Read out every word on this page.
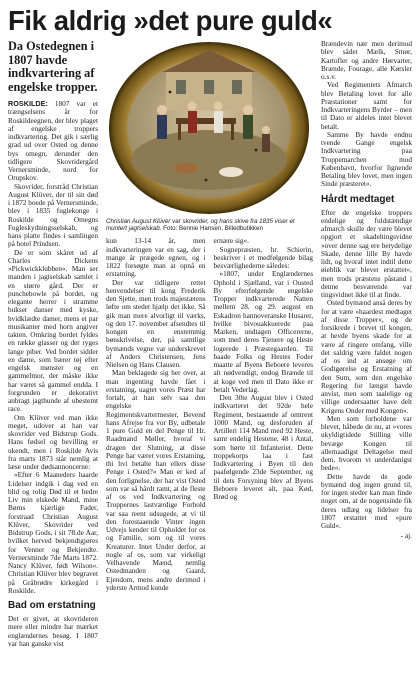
Fik aldrig »det pure guld«
Da Ostedegnen i 1807 havde indkvartering af engelske tropper.

ROSKILDE: 1807 var et trængselsens år for Roskildeegnen, der blev plaget af engelske troppers indkvartering. Det gik i særlig grad ud over Osted og denne bys omegn, derunder den tidligere Skovridergård Vernersminde, nord for Orupskov.

Skovrider, forstråd Christian August Klüver, der til sin død i 1872 boede på Vernersminde, blev i 1835 fuglekonge i Roskilde og Omegns Fugleskydningsselskab, og hans platte findes i samlingen på hotel Prindsen.

De er som skåret ud af Charles Dickens »Pickwickklubben«. Man ser manden i jagtselskab samlet i en større gård. Der er punchebowle på bordet, og elegante herrer i stramme bukser danser med kyske, hvidklædte damer, mens et par musikanter med horn angiver takten. Omkring bordet fyldes en række glasser og der ryges lange piber. Ved bordet sidder en dame, som bærer tøj efter engelsk mønster og en gammelmor, der måske ikke har været så gammel endda. I forgrunden er dekorativt anbragt jagthunde af ubestemt race.

Om Klüver ved man ikke meget, udover at han var skovrider ved Bidstrup Gods. Hans fødsel og bevilling er ukendt, men i Roskilde Avis fra marts 1873 står nemlig at læse under dødsannoncerne:

»Efter 6 Maaneders haarde Lidelser indgik i dag ved en blid og rolig Død til et bedre Liv min elskede Mand, mine Børns kjærlige Fader, forstraad Christian August Klüver, Skovrider ved Bidstrup Gods, i sit 78.de Aar, hvilket herved bekjendtgjøres for Venner og Bekjendte. Vernersminde 7de Marts 1872. Nancy Klüver, født Wilson«. Christian Klüver blev begravet på Gråbrødre kirkegård i Roskilde.

Bad om erstatning

Det er givet, at skovrideren mere eller mindre har mærket englændernes besøg. I 1807 var han ganske vist

Christian August Klüver var skovrider, og hans skive fra 1835 viser et muntert jagtselskab. Foto: Bennie Hansen, Billedbutikken

kun 13-14 år, men indkvarteringen var en sag, der i mange år prægede egnen, og i 1822 forsøgte man at opnå en erstatning.

Der var tidligere rettet henvendelser til kong Frederik den Sjette, men trods majestætens løfte om stedet hjælp det ikke. Så gik man mere alvorligt til værks, og den 17. november afsendtes til kongen en enstemmig bønskrivelse, der, på samtlige bymænds vegne var underskrevet af Anders Christensen, Jens Nielsen og Hans Clausen.

Man beklagede sig her over, at man ingenting havde fået i erstatning, uagtet vores Præst har fortalt, at han selv saa den engelske Regimentskvartermester, Bevend hans Afrejse fra vor By, udbetale 1 pure Guld en del Penge til Hr. Raadmand Møller, hvoraf vi dragen der Slutning, at disse Penge har været vores Erstatning, thi hvi betalte han ellers disse Penge i Osted?« Man er ked af den forlignelse, der har vist Osted som var så hårdt ramt, at de fleste af os ved Indkvartering og Troppernes lastværdige Forhold var saa reent udsugede, at vi til den forestaaende Vinter ingen Udvejs kender til Opholdet for os og Familie, som og til vores Kreaturer. Intet Under derfor, at nogle af os, som var virkeligt Velhavende Mænd, nemlig Ostedmanden og Gaard, Ejendom, mens andre derimod i yderste Armod kunde

ernære sig«.

Sognepræsten, hr. Schierin, beskriver i et medfølgende bilag besværlighederne således:

»1807, under Englændernes Ophold i Sjælland, var i Ousted By efterfølgende engelske Tropper indkvarterede Natten mellem 28. og 29. august en Eskadron hannoveranske Husarer, hvilke bivouakkuerede paa Marken, undtagen Officererne, som med deres Tjenere og Heste logerede i Præstegaarden. Til baade Folks og Hestes Foder maatte af Byens Beboere leveres alt nødvendigt, endog Brænde til at koge ved men til Dato ikke er betalt Vederlag.

Den 30te August blev i Osted indkvarteret det 92de hele Regiment, bestaaende af omtrent 1000 Mand, og desforuden af Artilleri 114 Mand med 92 Heste, samt endelig Hestene, 48 i Antal, som hørte til Infanteriet. Dette troppekorps laa i fast Indkvartering i Byen til den paafølgende 23de September, og til dets Forsyning blev af Byens Beboere leveret alt, paa Kød, Brød og

Brændevin nær men derimod blev sådet Mælk, Smør, Kartofler og andre Hørvarter, Brænde, Fourage, alle Kørsler o.s.v.

Ved Regimentets Afmarch blev Betaling lovet for alle Præstationer samt for Indkvarteringens Byrder – men til Dato er aldeles intet blevet betalt.

Samme By havde endnu tvende Gange engelsk Indkvartering paa Troppemarchen mod København, hvorfor lignende Betaling blev lovet, men ingen Sinde præsteret«.

Hårdt medtaget

Efter de engelske troppers endelige og fuldstændige afmarch skulle der være blevet opgjort et skadeltingsvidne »over denne sag ere betydelige Skade, denne lille By havde lidt, og hvoraf intet indtil dette øieblik var blevet erstattet«, men trods præstens påstand i denne besværende var tingsvidnet ikke til at finde.

Osted bymænd anså deres by for at være »haardest medtaget af disse Tropper«, og de forsikrede i brevet til kongen, at hevde byens skade for at være af ringere omfang, ville det saldrig være faldet nogen af os ind at ansøge om Godtgørelse og Erstatning af den Sum, som den engelske Regering for længst havde anvist, men som taalelige og villige undersaatter have delt Krigens Onder med Kongen«.

Men som forholdene var blevet, håbede de nu, at »vores ukyldigtidede Stilling ville bevæge Kongen til allernaadigst Deltagelse med dem, hvorom vi underdanigst bede«.

Dette havde de gode bymænd dog ingen grund til, for ingen steder kan man finde noget om, at de nogensinde fik deres udlæg og lidelser fra 1807 erstattet med »pure Guld«.

- aj.
